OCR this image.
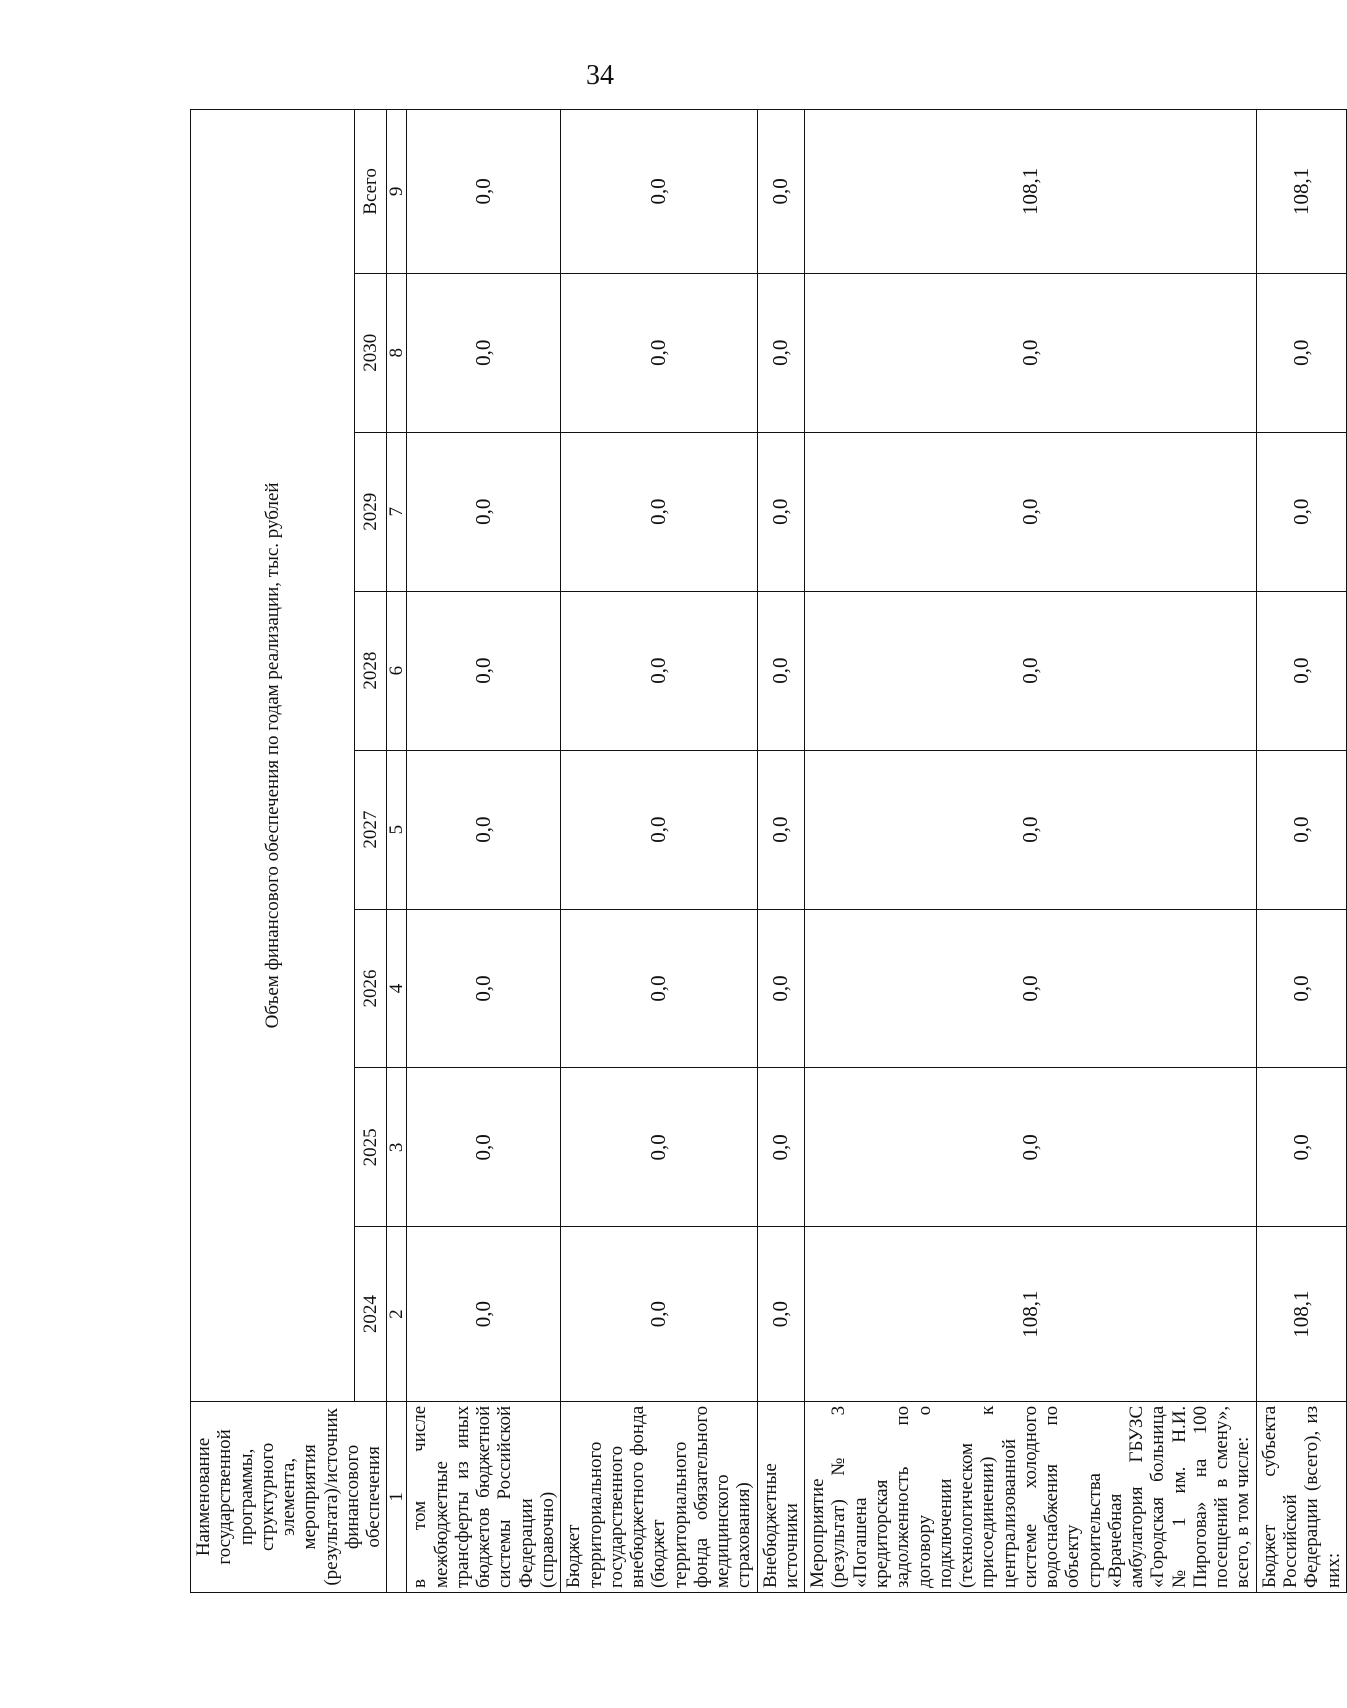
34
Наименование государственной программы, структурного элемента, мероприятия (результата)/источник финансового обеспечения	Объем финансового обеспечения по годам реализации, тыс. рублей							
	2024	2025	2026	2027	2028	2029	2030	Всего
1	2	3	4	5	6	7	8	9
в том числе межбюджетные трансферты из иных бюджетов бюджетной системы Российской Федерации (справочно)	0,0	0,0	0,0	0,0	0,0	0,0	0,0	0,0
Бюджет территориального государственного внебюджетного фонда (бюджет территориального фонда обязательного медицинского страхования)	0,0	0,0	0,0	0,0	0,0	0,0	0,0	0,0
Внебюджетные источники	0,0	0,0	0,0	0,0	0,0	0,0	0,0	0,0
Мероприятие (результат) № 3 «Погашена кредиторская задолженность по договору о подключении (технологическом присоединении) к централизованной системе холодного водоснабжения по объекту строительства «Врачебная амбулатория ГБУЗС «Городская больница № 1 им. Н.И. Пирогова» на 100 посещений в смену», всего, в том числе:	108,1	0,0	0,0	0,0	0,0	0,0	0,0	108,1
Бюджет субъекта Российской Федерации (всего), из них:	108,1	0,0	0,0	0,0	0,0	0,0	0,0	108,1
